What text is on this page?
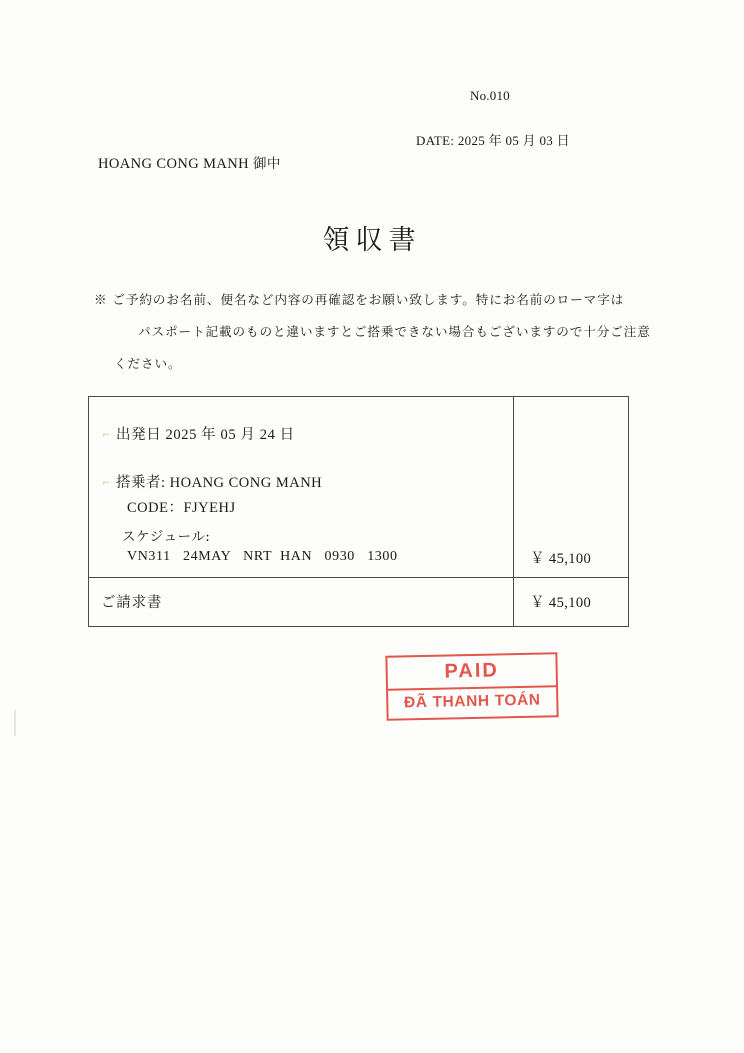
No.010
DATE: 2025 年 05 月 03 日
HOANG CONG MANH 御中
領収書
※ ご予約のお名前、便名など内容の再確認をお願い致します。特にお名前のローマ字は
パスポート記載のものと違いますとご搭乗できない場合もございますので十分ご注意
ください。
⌐ 出発日 2025 年 05 月 24 日
⌐ 搭乗者: HOANG CONG MANH
CODE：FJYEHJ
スケジュール:
VN311   24MAY   NRT  HAN   0930   1300	￥ 45,100

ご請求書	￥ 45,100
PAID
ĐÃ THANH TOÁN
